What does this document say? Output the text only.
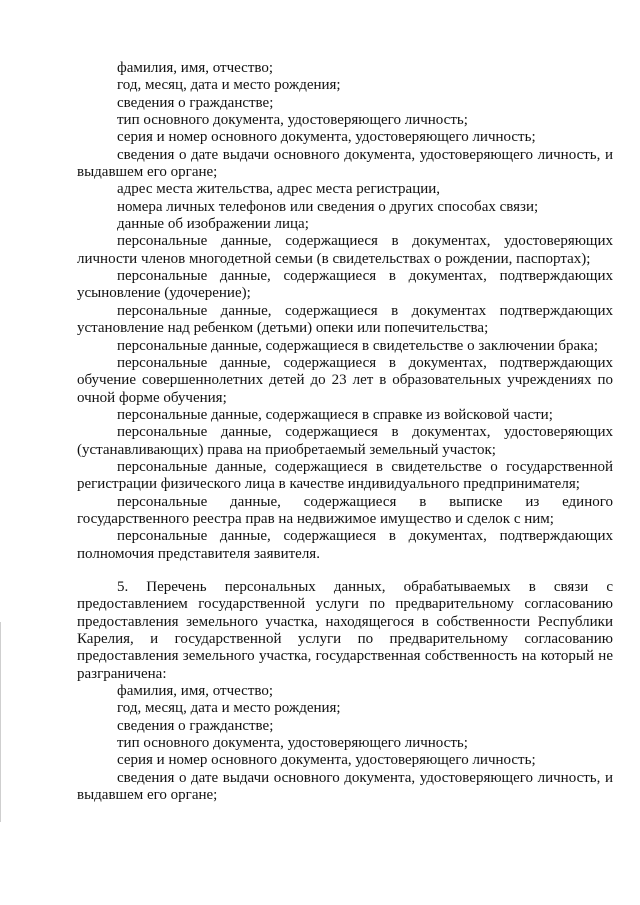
фамилия, имя, отчество;

год, месяц, дата и место рождения;

сведения о гражданстве;

тип основного документа, удостоверяющего личность;

серия и номер основного документа, удостоверяющего личность;

сведения о дате выдачи основного документа, удостоверяющего личность, и выдавшем его органе;

адрес места жительства, адрес места регистрации,

номера личных телефонов или сведения о других способах связи;

данные об изображении лица;

персональные данные, содержащиеся в документах, удостоверяющих личности членов многодетной семьи (в свидетельствах о рождении, паспортах);

персональные данные, содержащиеся в документах, подтверждающих усыновление (удочерение);

персональные данные, содержащиеся в документах подтверждающих установление над ребенком (детьми) опеки или попечительства;

персональные данные, содержащиеся в свидетельстве о заключении брака;

персональные данные, содержащиеся в документах, подтверждающих обучение совершеннолетних детей до 23 лет в образовательных учреждениях по очной форме обучения;

персональные данные, содержащиеся в справке из войсковой части;

персональные данные, содержащиеся в документах, удостоверяющих (устанавливающих) права на приобретаемый земельный участок;

персональные данные, содержащиеся в свидетельстве о государственной регистрации физического лица в качестве индивидуального предпринимателя;

персональные данные, содержащиеся в выписке из единого государственного реестра прав на недвижимое имущество и сделок с ним;

персональные данные, содержащиеся в документах, подтверждающих полномочия представителя заявителя.

5. Перечень персональных данных, обрабатываемых в связи с предоставлением государственной услуги по предварительному согласованию предоставления земельного участка, находящегося в собственности Республики Карелия, и государственной услуги по предварительному согласованию предоставления земельного участка, государственная собственность на который не разграничена:

фамилия, имя, отчество;

год, месяц, дата и место рождения;

сведения о гражданстве;

тип основного документа, удостоверяющего личность;

серия и номер основного документа, удостоверяющего личность;

сведения о дате выдачи основного документа, удостоверяющего личность, и выдавшем его органе;
